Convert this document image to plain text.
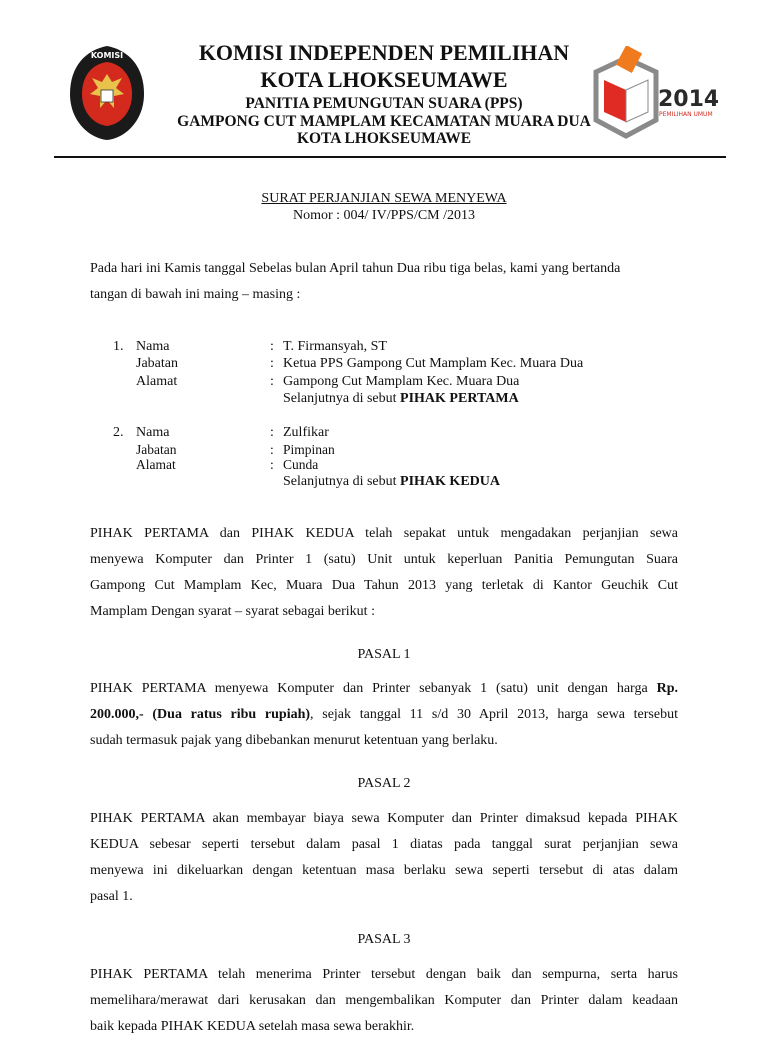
KOMISI
2014
PEMILIHAN UMUM
KOMISI INDEPENDEN PEMILIHAN
KOTA LHOKSEUMAWE
PANITIA PEMUNGUTAN SUARA (PPS)
GAMPONG CUT MAMPLAM KECAMATAN MUARA DUA
KOTA LHOKSEUMAWE
SURAT PERJANJIAN SEWA MENYEWA
Nomor : 004/ IV/PPS/CM /2013
Pada hari ini Kamis tanggal Sebelas bulan April tahun Dua ribu tiga belas, kami yang bertanda
tangan di bawah ini maing – masing :
1. Nama	: T. Firmansyah, ST
Jabatan	: Ketua PPS Gampong Cut Mamplam Kec. Muara Dua
Alamat	: Gampong Cut Mamplam Kec. Muara Dua
Selanjutnya di sebut PIHAK PERTAMA
2. Nama	: Zulfikar
Jabatan	: Pimpinan
Alamat	: Cunda
Selanjutnya di sebut PIHAK KEDUA
PIHAK PERTAMA dan PIHAK KEDUA telah sepakat untuk mengadakan perjanjian sewa
menyewa Komputer dan Printer 1 (satu) Unit untuk keperluan Panitia Pemungutan Suara
Gampong Cut Mamplam Kec, Muara Dua Tahun 2013 yang terletak di Kantor Geuchik Cut
Mamplam Dengan syarat – syarat sebagai berikut :
PASAL 1
PIHAK PERTAMA menyewa Komputer dan Printer sebanyak 1 (satu) unit dengan harga Rp.
200.000,- (Dua ratus ribu rupiah), sejak tanggal 11 s/d 30 April 2013, harga sewa tersebut
sudah termasuk pajak yang dibebankan menurut ketentuan yang berlaku.
PASAL 2
PIHAK PERTAMA akan membayar biaya sewa Komputer dan Printer dimaksud kepada PIHAK
KEDUA sebesar seperti tersebut dalam pasal 1 diatas pada tanggal surat perjanjian sewa
menyewa ini dikeluarkan dengan ketentuan masa berlaku sewa seperti tersebut di atas dalam
pasal 1.
PASAL 3
PIHAK PERTAMA telah menerima Printer tersebut dengan baik dan sempurna, serta harus
memelihara/merawat dari kerusakan dan mengembalikan Komputer dan Printer dalam keadaan
baik kepada PIHAK KEDUA setelah masa sewa berakhir.
